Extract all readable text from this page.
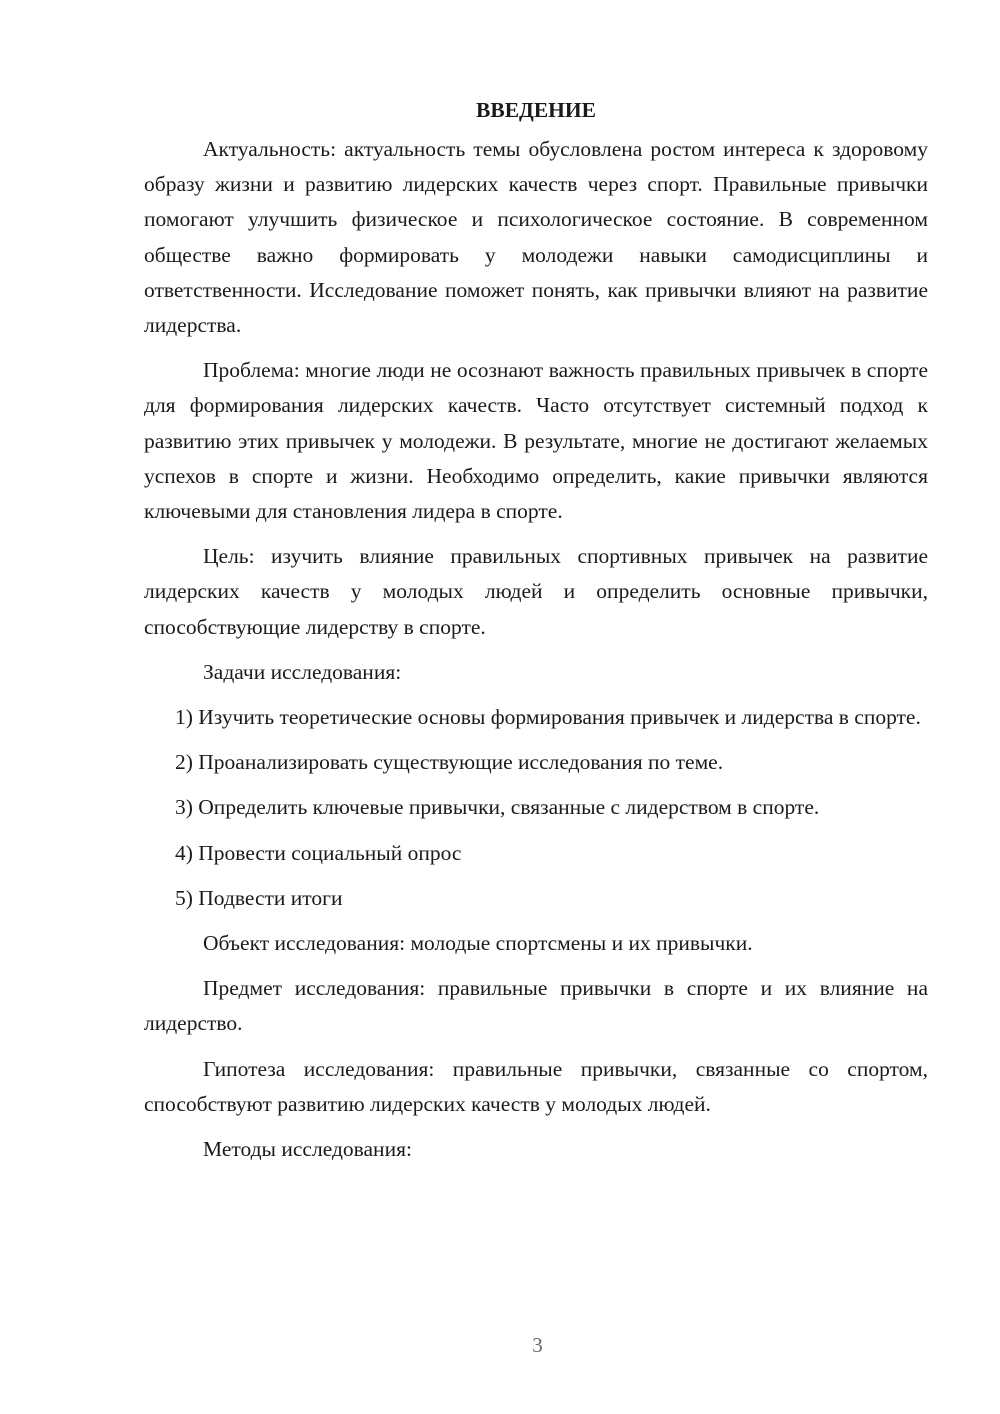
ВВЕДЕНИЕ

Актуальность: актуальность темы обусловлена ростом интереса к здоровому образу жизни и развитию лидерских качеств через спорт. Правильные привычки помогают улучшить физическое и психологическое состояние. В современном обществе важно формировать у молодежи навыки самодисциплины и ответственности. Исследование поможет понять, как привычки влияют на развитие лидерства.

Проблема: многие люди не осознают важность правильных привычек в спорте для формирования лидерских качеств. Часто отсутствует системный подход к развитию этих привычек у молодежи. В результате, многие не достигают желаемых успехов в спорте и жизни. Необходимо определить, какие привычки являются ключевыми для становления лидера в спорте.

Цель: изучить влияние правильных спортивных привычек на развитие лидерских качеств у молодых людей и определить основные привычки, способствующие лидерству в спорте.

Задачи исследования:

1) Изучить теоретические основы формирования привычек и лидерства в спорте.

2) Проанализировать существующие исследования по теме.

3) Определить ключевые привычки, связанные с лидерством в спорте.

4) Провести социальный опрос

5) Подвести итоги

Объект исследования: молодые спортсмены и их привычки.

Предмет исследования: правильные привычки в спорте и их влияние на лидерство.

Гипотеза исследования: правильные привычки, связанные со спортом, способствуют развитию лидерских качеств у молодых людей.

Методы исследования:

3
